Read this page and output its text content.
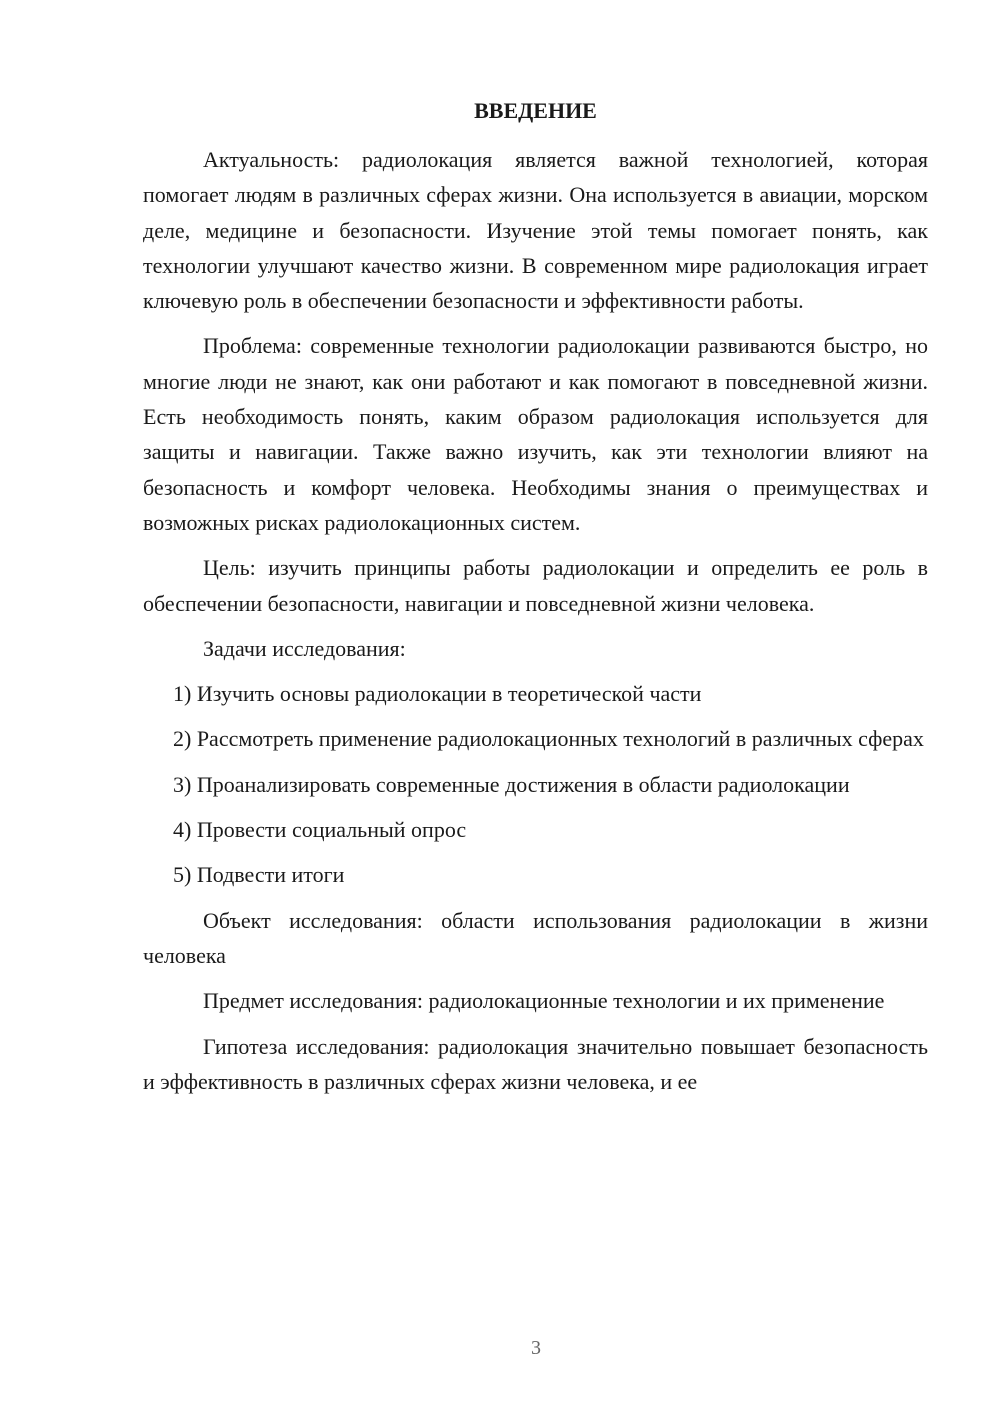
ВВЕДЕНИЕ

Актуальность: радиолокация является важной технологией, которая помогает людям в различных сферах жизни. Она используется в авиации, морском деле, медицине и безопасности. Изучение этой темы помогает понять, как технологии улучшают качество жизни. В современном мире радиолокация играет ключевую роль в обеспечении безопасности и эффективности работы.

Проблема: современные технологии радиолокации развиваются быстро, но многие люди не знают, как они работают и как помогают в повседневной жизни. Есть необходимость понять, каким образом радиолокация используется для защиты и навигации. Также важно изучить, как эти технологии влияют на безопасность и комфорт человека. Необходимы знания о преимуществах и возможных рисках радиолокационных систем.

Цель: изучить принципы работы радиолокации и определить ее роль в обеспечении безопасности, навигации и повседневной жизни человека.

Задачи исследования:

1) Изучить основы радиолокации в теоретической части

2) Рассмотреть применение радиолокационных технологий в различных сферах

3) Проанализировать современные достижения в области радиолокации

4) Провести социальный опрос

5) Подвести итоги

Объект исследования: области использования радиолокации в жизни человека

Предмет исследования: радиолокационные технологии и их применение

Гипотеза исследования: радиолокация значительно повышает безопасность и эффективность в различных сферах жизни человека, и ее

3
